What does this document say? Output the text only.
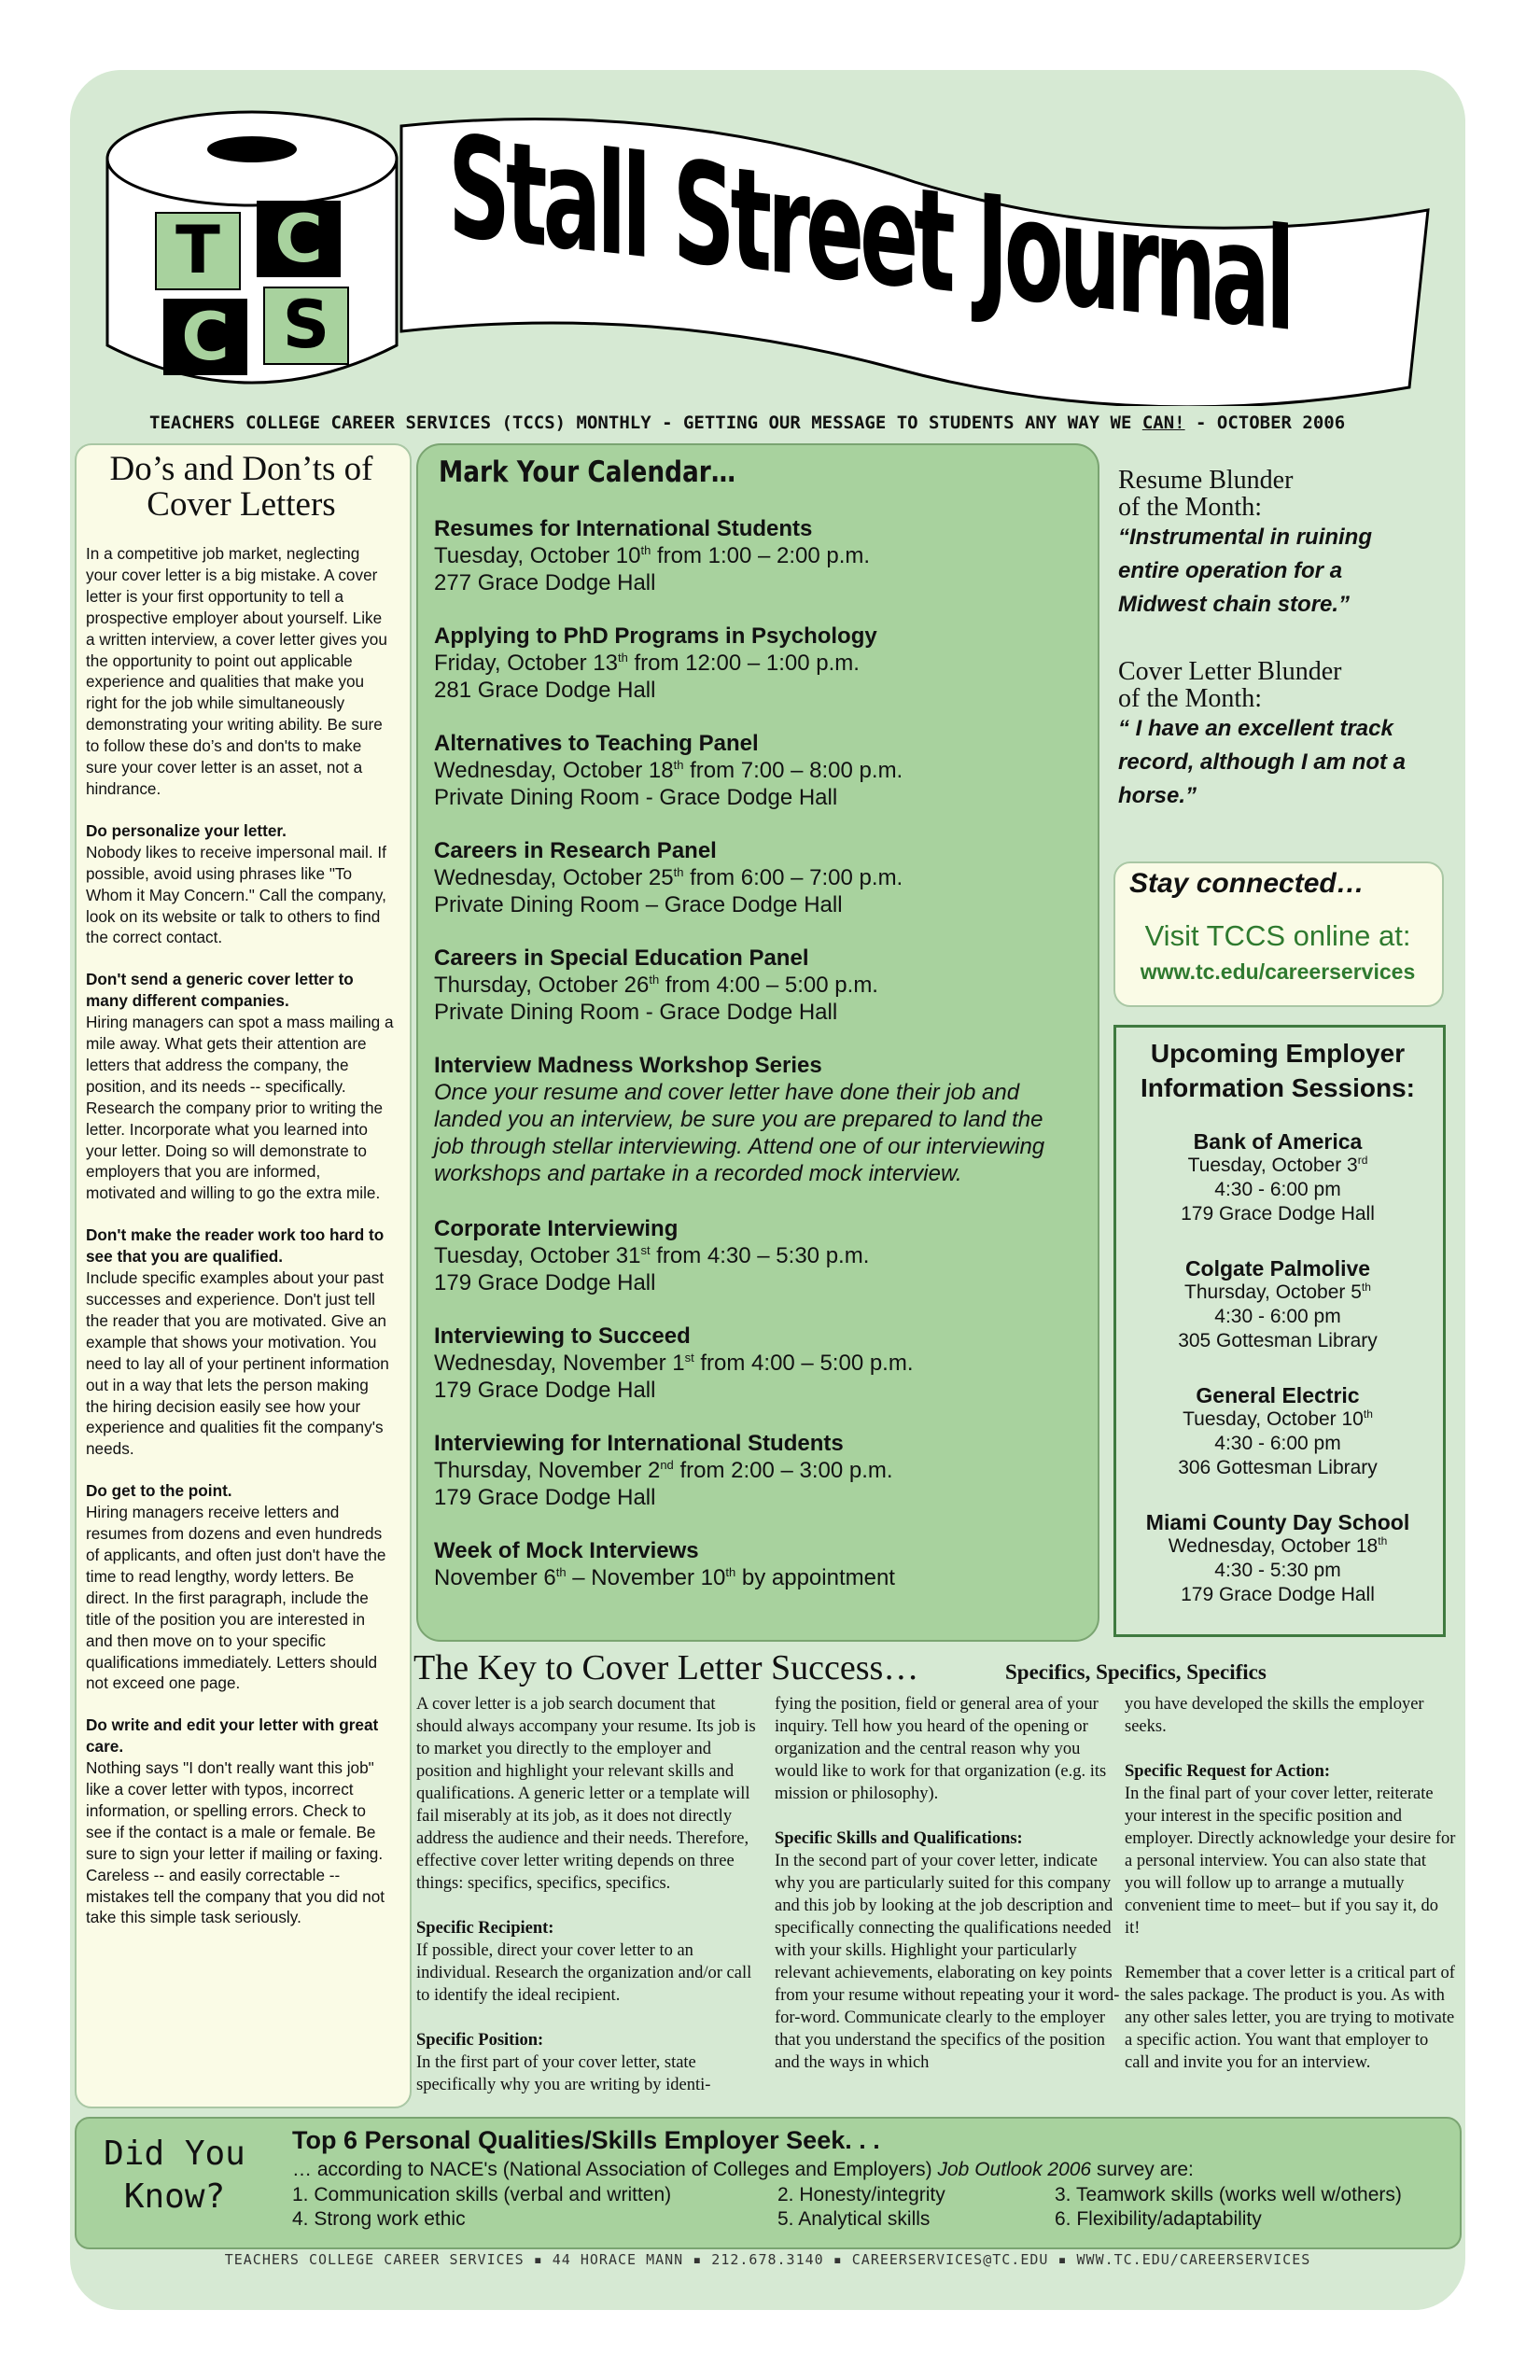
T C
C S Stall Street Journal
TEACHERS COLLEGE CAREER SERVICES (TCCS) MONTHLY - GETTING OUR MESSAGE TO STUDENTS ANY WAY WE CAN! - OCTOBER 2006
Do’s and Don’ts of Cover Letters

In a competitive job market, neglecting your cover letter is a big mistake. A cover letter is your first opportunity to tell a prospective employer about yourself. Like a written interview, a cover letter gives you the opportunity to point out applicable experience and qualities that make you right for the job while simultaneously demonstrating your writing ability. Be sure to follow these do’s and don'ts to make sure your cover letter is an asset, not a hindrance.

Do personalize your letter.
Nobody likes to receive impersonal mail. If possible, avoid using phrases like "To Whom it May Concern." Call the company, look on its website or talk to others to find the correct contact.

Don't send a generic cover letter to many different companies.
Hiring managers can spot a mass mailing a mile away. What gets their attention are letters that address the company, the position, and its needs -- specifically. Research the company prior to writing the letter. Incorporate what you learned into your letter. Doing so will demonstrate to employers that you are informed, motivated and willing to go the extra mile.

Don't make the reader work too hard to see that you are qualified.
Include specific examples about your past successes and experience. Don't just tell the reader that you are motivated. Give an example that shows your motivation. You need to lay all of your pertinent information out in a way that lets the person making the hiring decision easily see how your experience and qualities fit the company's needs.

Do get to the point.
Hiring managers receive letters and resumes from dozens and even hundreds of applicants, and often just don't have the time to read lengthy, wordy letters. Be direct. In the first paragraph, include the title of the position you are interested in and then move on to your specific qualifications immediately. Letters should not exceed one page.

Do write and edit your letter with great care.
Nothing says "I don't really want this job" like a cover letter with typos, incorrect information, or spelling errors. Check to see if the contact is a male or female. Be sure to sign your letter if mailing or faxing. Careless -- and easily correctable -- mistakes tell the company that you did not take this simple task seriously.

Mark Your Calendar…
Resumes for International Students
Tuesday, October 10th from 1:00 – 2:00 p.m.
277 Grace Dodge Hall
Applying to PhD Programs in Psychology
Friday, October 13th from 12:00 – 1:00 p.m.
281 Grace Dodge Hall
Alternatives to Teaching Panel
Wednesday, October 18th from 7:00 – 8:00 p.m.
Private Dining Room - Grace Dodge Hall
Careers in Research Panel
Wednesday, October 25th from 6:00 – 7:00 p.m.
Private Dining Room – Grace Dodge Hall
Careers in Special Education Panel
Thursday, October 26th from 4:00 – 5:00 p.m.
Private Dining Room - Grace Dodge Hall
Interview Madness Workshop Series
Once your resume and cover letter have done their job and landed you an interview, be sure you are prepared to land the job through stellar interviewing. Attend one of our interviewing workshops and partake in a recorded mock interview.
Corporate Interviewing
Tuesday, October 31st from 4:30 – 5:30 p.m.
179 Grace Dodge Hall
Interviewing to Succeed
Wednesday, November 1st from 4:00 – 5:00 p.m.
179 Grace Dodge Hall
Interviewing for International Students
Thursday, November 2nd from 2:00 – 3:00 p.m.
179 Grace Dodge Hall
Week of Mock Interviews
November 6th – November 10th by appointment
Resume Blunder
of the Month:
“Instrumental in ruining entire operation for a Midwest chain store.”
Cover Letter Blunder
of the Month:
“ I have an excellent track record, although I am not a horse.”
Stay connected…
Visit TCCS online at:
www.tc.edu/careerservices
Upcoming Employer Information Sessions:
Bank of America
Tuesday, October 3rd
4:30 - 6:00 pm
179 Grace Dodge Hall
Colgate Palmolive
Thursday, October 5th
4:30 - 6:00 pm
305 Gottesman Library
General Electric
Tuesday, October 10th
4:30 - 6:00 pm
306 Gottesman Library
Miami County Day School
Wednesday, October 18th
4:30 - 5:30 pm
179 Grace Dodge Hall
The Key to Cover Letter Success…	Specifics, Specifics, Specifics

A cover letter is a job search document that should always accompany your resume. Its job is to market you directly to the employer and position and highlight your relevant skills and qualifications. A generic letter or a template will fail miserably at its job, as it does not directly address the audience and their needs. Therefore, effective cover letter writing depends on three things: specifics, specifics, specifics.

Specific Recipient:
If possible, direct your cover letter to an individual. Research the organization and/or call to identify the ideal recipient.

Specific Position:
In the first part of your cover letter, state specifically why you are writing by identi-

fying the position, field or general area of your inquiry. Tell how you heard of the opening or organization and the central reason why you would like to work for that organization (e.g. its mission or philosophy).

Specific Skills and Qualifications:
In the second part of your cover letter, indicate why you are particularly suited for this company and this job by looking at the job description and specifically connecting the qualifications needed with your skills. Highlight your particularly relevant achievements, elaborating on key points from your resume without repeating your it word-for-word. Communicate clearly to the employer that you understand the specifics of the position and the ways in which

you have developed the skills the employer seeks.

Specific Request for Action:
In the final part of your cover letter, reiterate your interest in the specific position and employer. Directly acknowledge your desire for a personal interview. You can also state that you will follow up to arrange a mutually convenient time to meet– but if you say it, do it!

Remember that a cover letter is a critical part of the sales package. The product is you. As with any other sales letter, you are trying to motivate a specific action. You want that employer to call and invite you for an interview.

Did You
Know?
Top 6 Personal Qualities/Skills Employer Seek. . .
… according to NACE's (National Association of Colleges and Employers) Job Outlook 2006 survey are:
1. Communication skills (verbal and written)	2. Honesty/integrity	3. Teamwork skills (works well w/others)
4. Strong work ethic	5. Analytical skills	6. Flexibility/adaptability
TEACHERS COLLEGE CAREER SERVICES ▪ 44 HORACE MANN ▪ 212.678.3140 ▪ CAREERSERVICES@TC.EDU ▪ WWW.TC.EDU/CAREERSERVICES
